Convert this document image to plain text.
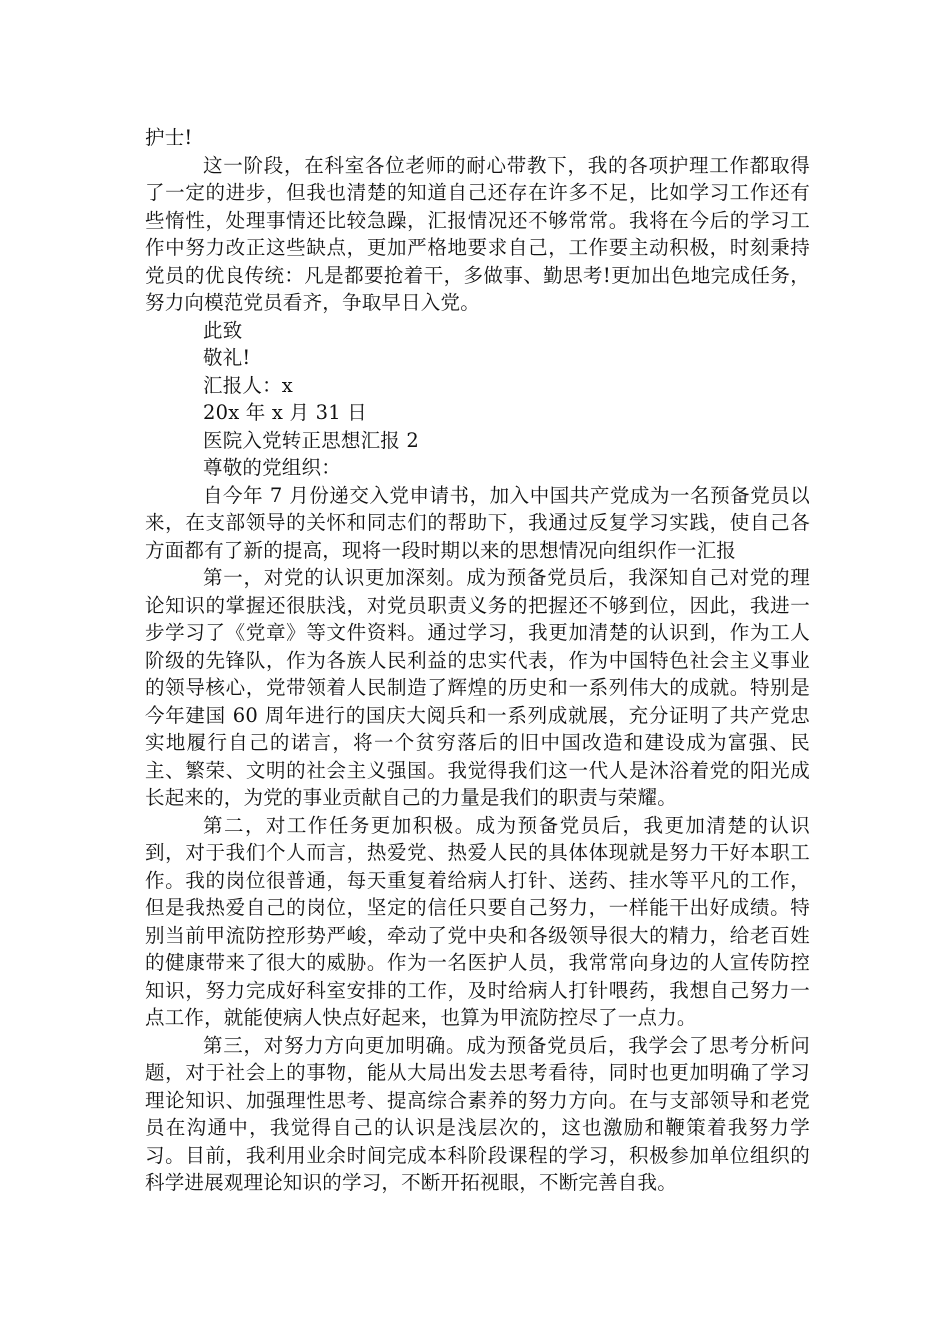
护士!

这一阶段，在科室各位老师的耐心带教下，我的各项护理工作都取得了一定的进步，但我也清楚的知道自己还存在许多不足，比如学习工作还有些惰性，处理事情还比较急躁，汇报情况还不够常常。我将在今后的学习工作中努力改正这些缺点，更加严格地要求自己，工作要主动积极，时刻秉持党员的优良传统：凡是都要抢着干，多做事、勤思考!更加出色地完成任务，努力向模范党员看齐，争取早日入党。

此致

敬礼!

汇报人：x

20x 年 x 月 31 日

医院入党转正思想汇报 2

尊敬的党组织：

自今年 7 月份递交入党申请书，加入中国共产党成为一名预备党员以来，在支部领导的关怀和同志们的帮助下，我通过反复学习实践，使自己各方面都有了新的提高，现将一段时期以来的思想情况向组织作一汇报

第一，对党的认识更加深刻。成为预备党员后，我深知自己对党的理论知识的掌握还很肤浅，对党员职责义务的把握还不够到位，因此，我进一步学习了《党章》等文件资料。通过学习，我更加清楚的认识到，作为工人阶级的先锋队，作为各族人民利益的忠实代表，作为中国特色社会主义事业的领导核心，党带领着人民制造了辉煌的历史和一系列伟大的成就。特别是今年建国 60 周年进行的国庆大阅兵和一系列成就展，充分证明了共产党忠实地履行自己的诺言，将一个贫穷落后的旧中国改造和建设成为富强、民主、繁荣、文明的社会主义强国。我觉得我们这一代人是沐浴着党的阳光成长起来的，为党的事业贡献自己的力量是我们的职责与荣耀。

第二，对工作任务更加积极。成为预备党员后，我更加清楚的认识到，对于我们个人而言，热爱党、热爱人民的具体体现就是努力干好本职工作。我的岗位很普通，每天重复着给病人打针、送药、挂水等平凡的工作，但是我热爱自己的岗位，坚定的信任只要自己努力，一样能干出好成绩。特别当前甲流防控形势严峻，牵动了党中央和各级领导很大的精力，给老百姓的健康带来了很大的威胁。作为一名医护人员，我常常向身边的人宣传防控知识，努力完成好科室安排的工作，及时给病人打针喂药，我想自己努力一点工作，就能使病人快点好起来，也算为甲流防控尽了一点力。

第三，对努力方向更加明确。成为预备党员后，我学会了思考分析问题，对于社会上的事物，能从大局出发去思考看待，同时也更加明确了学习理论知识、加强理性思考、提高综合素养的努力方向。在与支部领导和老党员在沟通中，我觉得自己的认识是浅层次的，这也激励和鞭策着我努力学习。目前，我利用业余时间完成本科阶段课程的学习，积极参加单位组织的科学进展观理论知识的学习，不断开拓视眼，不断完善自我。
